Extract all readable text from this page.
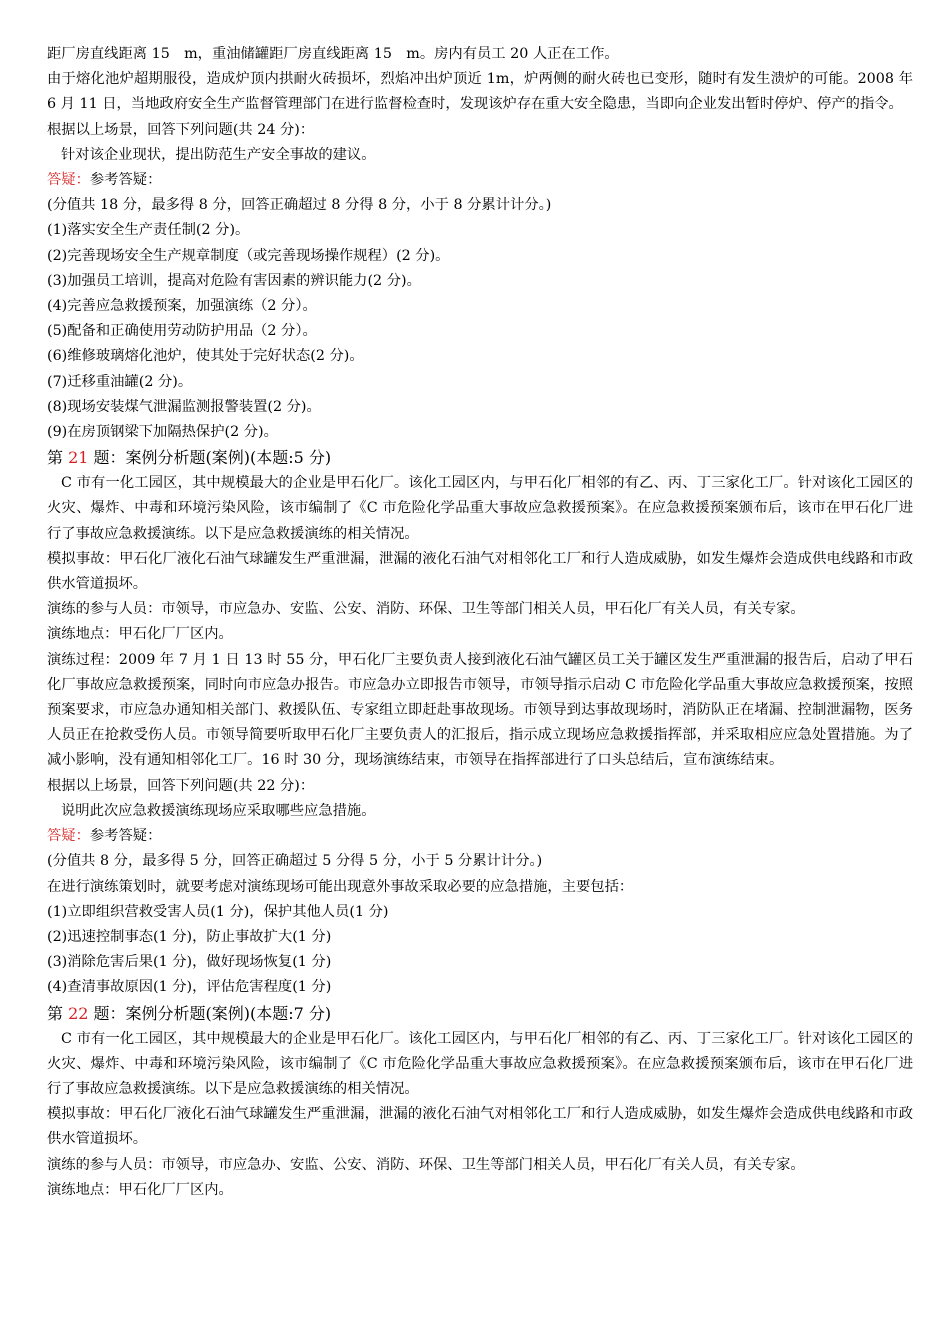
距厂房直线距离 15　m，重油储罐距厂房直线距离 15　m。房内有员工 20 人正在工作。

由于熔化池炉超期服役，造成炉顶内拱耐火砖损坏，烈焰冲出炉顶近 1m，炉两侧的耐火砖也已变形，随时有发生溃炉的可能。2008 年 6 月 11 日，当地政府安全生产监督管理部门在进行监督检查时，发现该炉存在重大安全隐患，当即向企业发出暂时停炉、停产的指令。

根据以上场景，回答下列问题(共 24 分)：

针对该企业现状，提出防范生产安全事故的建议。

答疑：参考答疑：

(分值共 18 分，最多得 8 分，回答正确超过 8 分得 8 分，小于 8 分累计计分。)

(1)落实安全生产责任制(2 分)。

(2)完善现场安全生产规章制度（或完善现场操作规程）(2 分)。

(3)加强员工培训，提高对危险有害因素的辨识能力(2 分)。

(4)完善应急救援预案，加强演练（2 分）。

(5)配备和正确使用劳动防护用品（2 分）。

(6)维修玻璃熔化池炉，使其处于完好状态(2 分)。

(7)迁移重油罐(2 分)。

(8)现场安装煤气泄漏监测报警装置(2 分)。

(9)在房顶钢梁下加隔热保护(2 分)。

第 21 题：案例分析题(案例)(本题:5 分)

C 市有一化工园区，其中规模最大的企业是甲石化厂。该化工园区内，与甲石化厂相邻的有乙、丙、丁三家化工厂。针对该化工园区的火灾、爆炸、中毒和环境污染风险，该市编制了《C 市危险化学品重大事故应急救援预案》。在应急救援预案颁布后，该市在甲石化厂进行了事故应急救援演练。以下是应急救援演练的相关情况。

模拟事故：甲石化厂液化石油气球罐发生严重泄漏，泄漏的液化石油气对相邻化工厂和行人造成威胁，如发生爆炸会造成供电线路和市政供水管道损坏。

演练的参与人员：市领导，市应急办、安监、公安、消防、环保、卫生等部门相关人员，甲石化厂有关人员，有关专家。

演练地点：甲石化厂厂区内。

演练过程：2009 年 7 月 1 日 13 时 55 分，甲石化厂主要负责人接到液化石油气罐区员工关于罐区发生严重泄漏的报告后，启动了甲石化厂事故应急救援预案，同时向市应急办报告。市应急办立即报告市领导，市领导指示启动 C 市危险化学品重大事故应急救援预案，按照预案要求，市应急办通知相关部门、救援队伍、专家组立即赶赴事故现场。市领导到达事故现场时，消防队正在堵漏、控制泄漏物，医务人员正在抢救受伤人员。市领导简要听取甲石化厂主要负责人的汇报后，指示成立现场应急救援指挥部，并采取相应应急处置措施。为了减小影响，没有通知相邻化工厂。16 时 30 分，现场演练结束，市领导在指挥部进行了口头总结后，宣布演练结束。

根据以上场景，回答下列问题(共 22 分)：

说明此次应急救援演练现场应采取哪些应急措施。

答疑：参考答疑：

(分值共 8 分，最多得 5 分，回答正确超过 5 分得 5 分，小于 5 分累计计分。)

在进行演练策划时，就要考虑对演练现场可能出现意外事故采取必要的应急措施，主要包括：

(1)立即组织营救受害人员(1 分)，保护其他人员(1 分)

(2)迅速控制事态(1 分)，防止事故扩大(1 分)

(3)消除危害后果(1 分)，做好现场恢复(1 分)

(4)查清事故原因(1 分)，评估危害程度(1 分)

第 22 题：案例分析题(案例)(本题:7 分)

C 市有一化工园区，其中规模最大的企业是甲石化厂。该化工园区内，与甲石化厂相邻的有乙、丙、丁三家化工厂。针对该化工园区的火灾、爆炸、中毒和环境污染风险，该市编制了《C 市危险化学品重大事故应急救援预案》。在应急救援预案颁布后，该市在甲石化厂进行了事故应急救援演练。以下是应急救援演练的相关情况。

模拟事故：甲石化厂液化石油气球罐发生严重泄漏，泄漏的液化石油气对相邻化工厂和行人造成威胁，如发生爆炸会造成供电线路和市政供水管道损坏。

演练的参与人员：市领导，市应急办、安监、公安、消防、环保、卫生等部门相关人员，甲石化厂有关人员，有关专家。

演练地点：甲石化厂厂区内。
